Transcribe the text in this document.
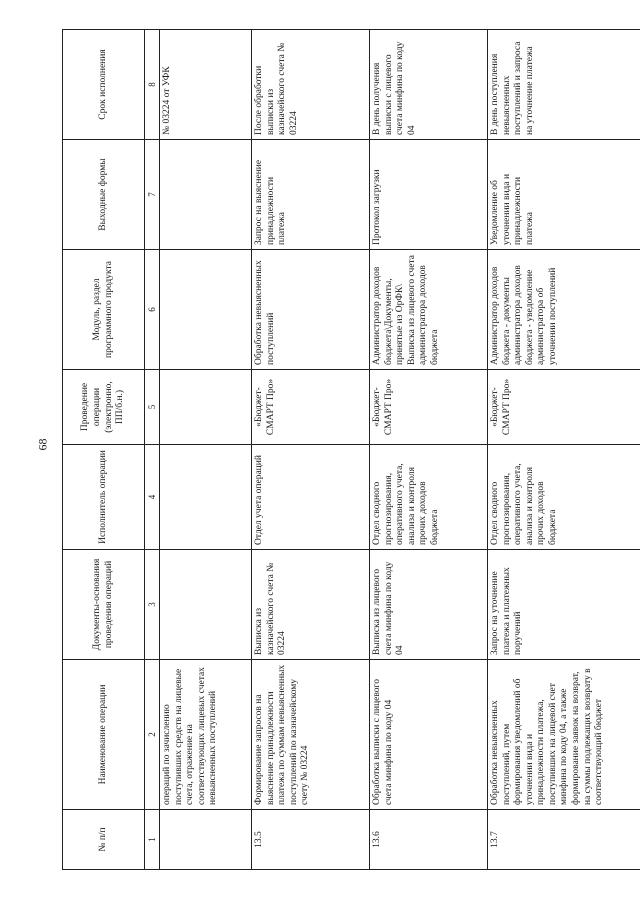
68
№ п/п	Наименование операции	Документы-основания проведения операций	Исполнитель операции	Проведение операции (электронно, ПП/б.н.)	Модуль, раздел программного продукта	Выходные формы	Срок исполнения
1	2	3	4	5	6	7	8
	операций по зачислению поступивших средств на лицевые счета, отражение на соответствующих лицевых счетах невыясненных поступлений						№ 03224 от УФК
13.5	Формирование запросов на выяснение принадлежности платежа по суммам невыясненных поступлений по казначейскому счету № 03224	Выписка из казначейского счета № 03224	Отдел учета операций	«Бюджет-СМАРТ Про»	Обработка невыясненных поступлений	Запрос на выяснение принадлежности платежа	После обработки выписки из казначейского счета № 03224
13.6	Обработка выписки с лицевого счета минфина по коду 04	Выписка из лицевого счета минфина по коду 04	Отдел сводного прогнозирования, оперативного учета, анализа и контроля прочих доходов бюджета	«Бюджет-СМАРТ Про»	Администратор доходов бюджета\Документы, принятые из ОрФК\ Выписка из лицевого счета администратора доходов бюджета	Протокол загрузки	В день получения выписки с лицевого счета минфина по коду 04
13.7	Обработка невыясненных поступлений, путем формирования уведомлений об уточнении вида и принадлежности платежа, поступивших на лицевой счет минфина по коду 04, а также формирование заявок на возврат, на суммы подлежащих возврату в соответствующий бюджет	Запрос на уточнение платежа и платежных поручений	Отдел сводного прогнозирования, оперативного учета, анализа и контроля прочих доходов бюджета	«Бюджет-СМАРТ Про»	Администратор доходов бюджета - документы администратора доходов бюджета - уведомление администратора об уточнении поступлений	Уведомление об уточнении вида и принадлежности платежа	В день поступления невыясненных поступлений и запроса на уточнение платежа
